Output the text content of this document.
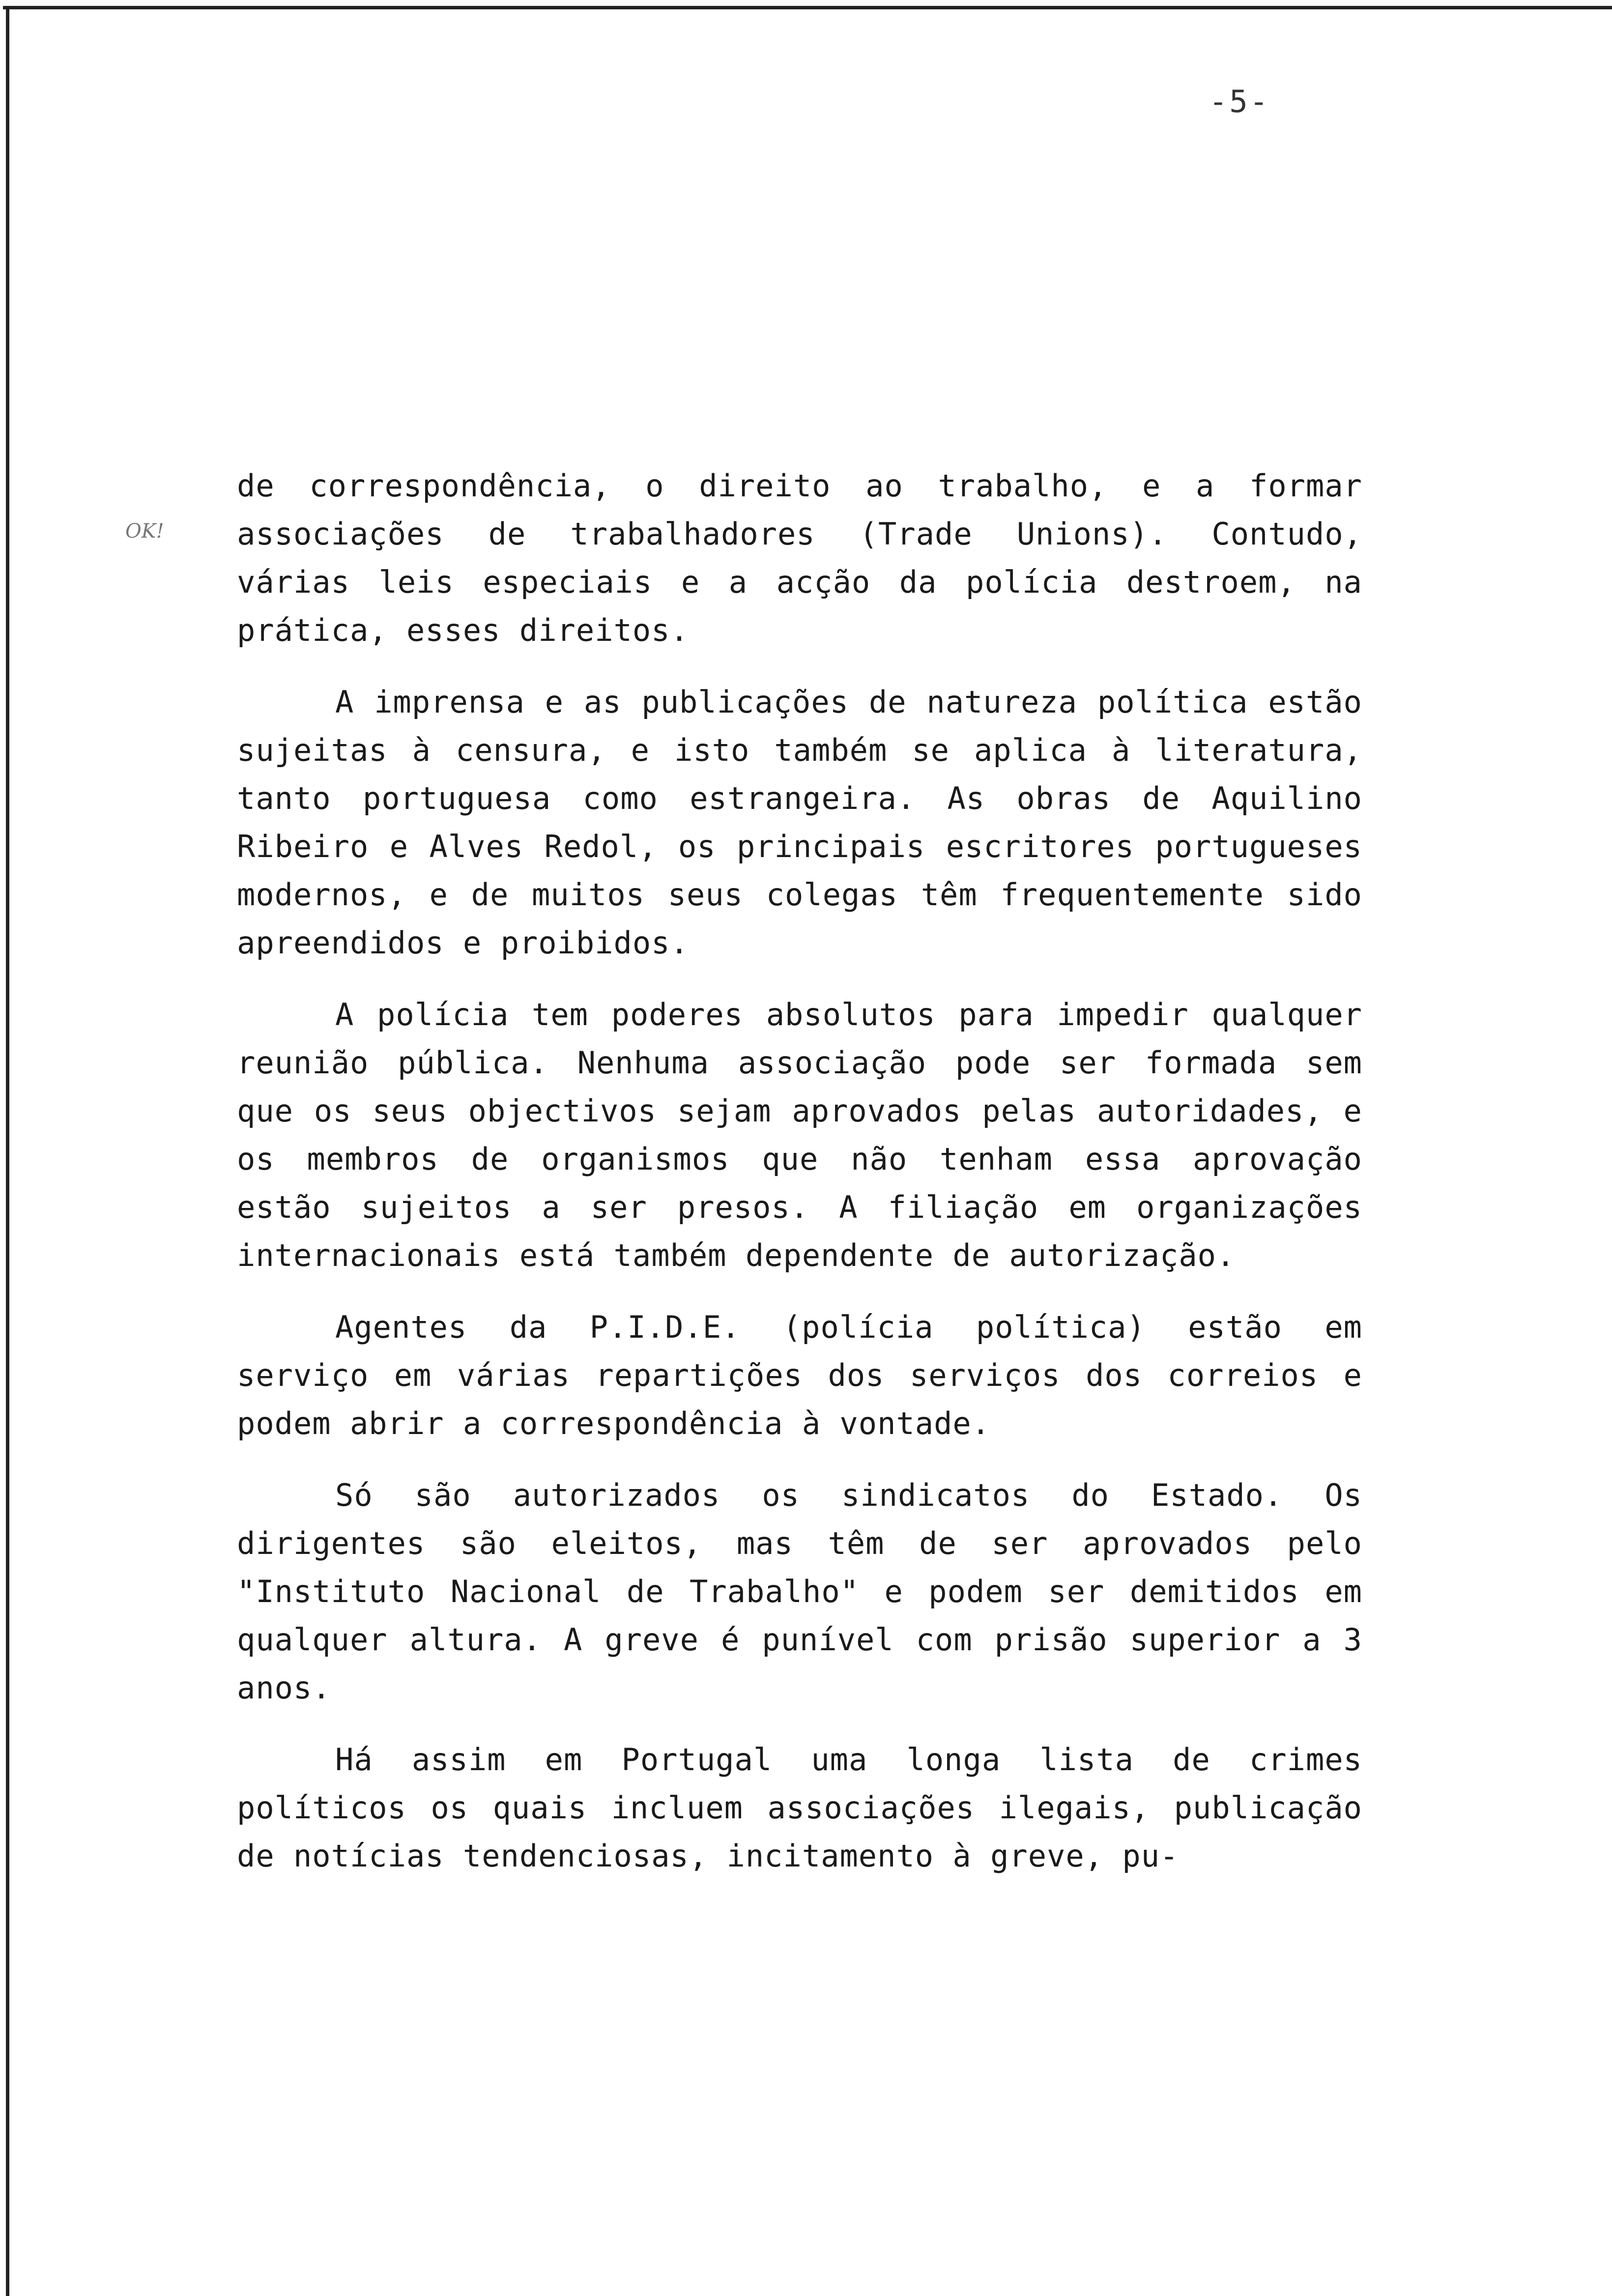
-5-
OK!

de correspondência, o direito ao trabalho, e a formar associações de trabalhadores (Trade Unions). Contudo, várias leis especiais e a acção da polícia destroem, na prática, esses direitos.

A imprensa e as publicações de natureza política estão sujeitas à censura, e isto também se aplica à literatura, tanto portuguesa como estrangeira. As obras de Aquilino Ribeiro e Alves Redol, os principais escritores portugueses modernos, e de muitos seus colegas têm frequentemente sido apreendidos e proibidos.

A polícia tem poderes absolutos para impedir qualquer reunião pública. Nenhuma associação pode ser formada sem que os seus objectivos sejam aprovados pelas autoridades, e os membros de organismos que não tenham essa aprovação estão sujeitos a ser presos. A filiação em organizações internacionais está também dependente de autorização.

Agentes da P.I.D.E. (polícia política) estão em serviço em várias repartições dos serviços dos correios e podem abrir a correspondência à vontade.

Só são autorizados os sindicatos do Estado. Os dirigentes são eleitos, mas têm de ser aprovados pelo "Instituto Nacional de Trabalho" e podem ser demitidos em qualquer altura. A greve é punível com prisão superior a 3 anos.

Há assim em Portugal uma longa lista de crimes políticos os quais incluem associações ilegais, publicação de notícias tendenciosas, incitamento à greve, pu-
